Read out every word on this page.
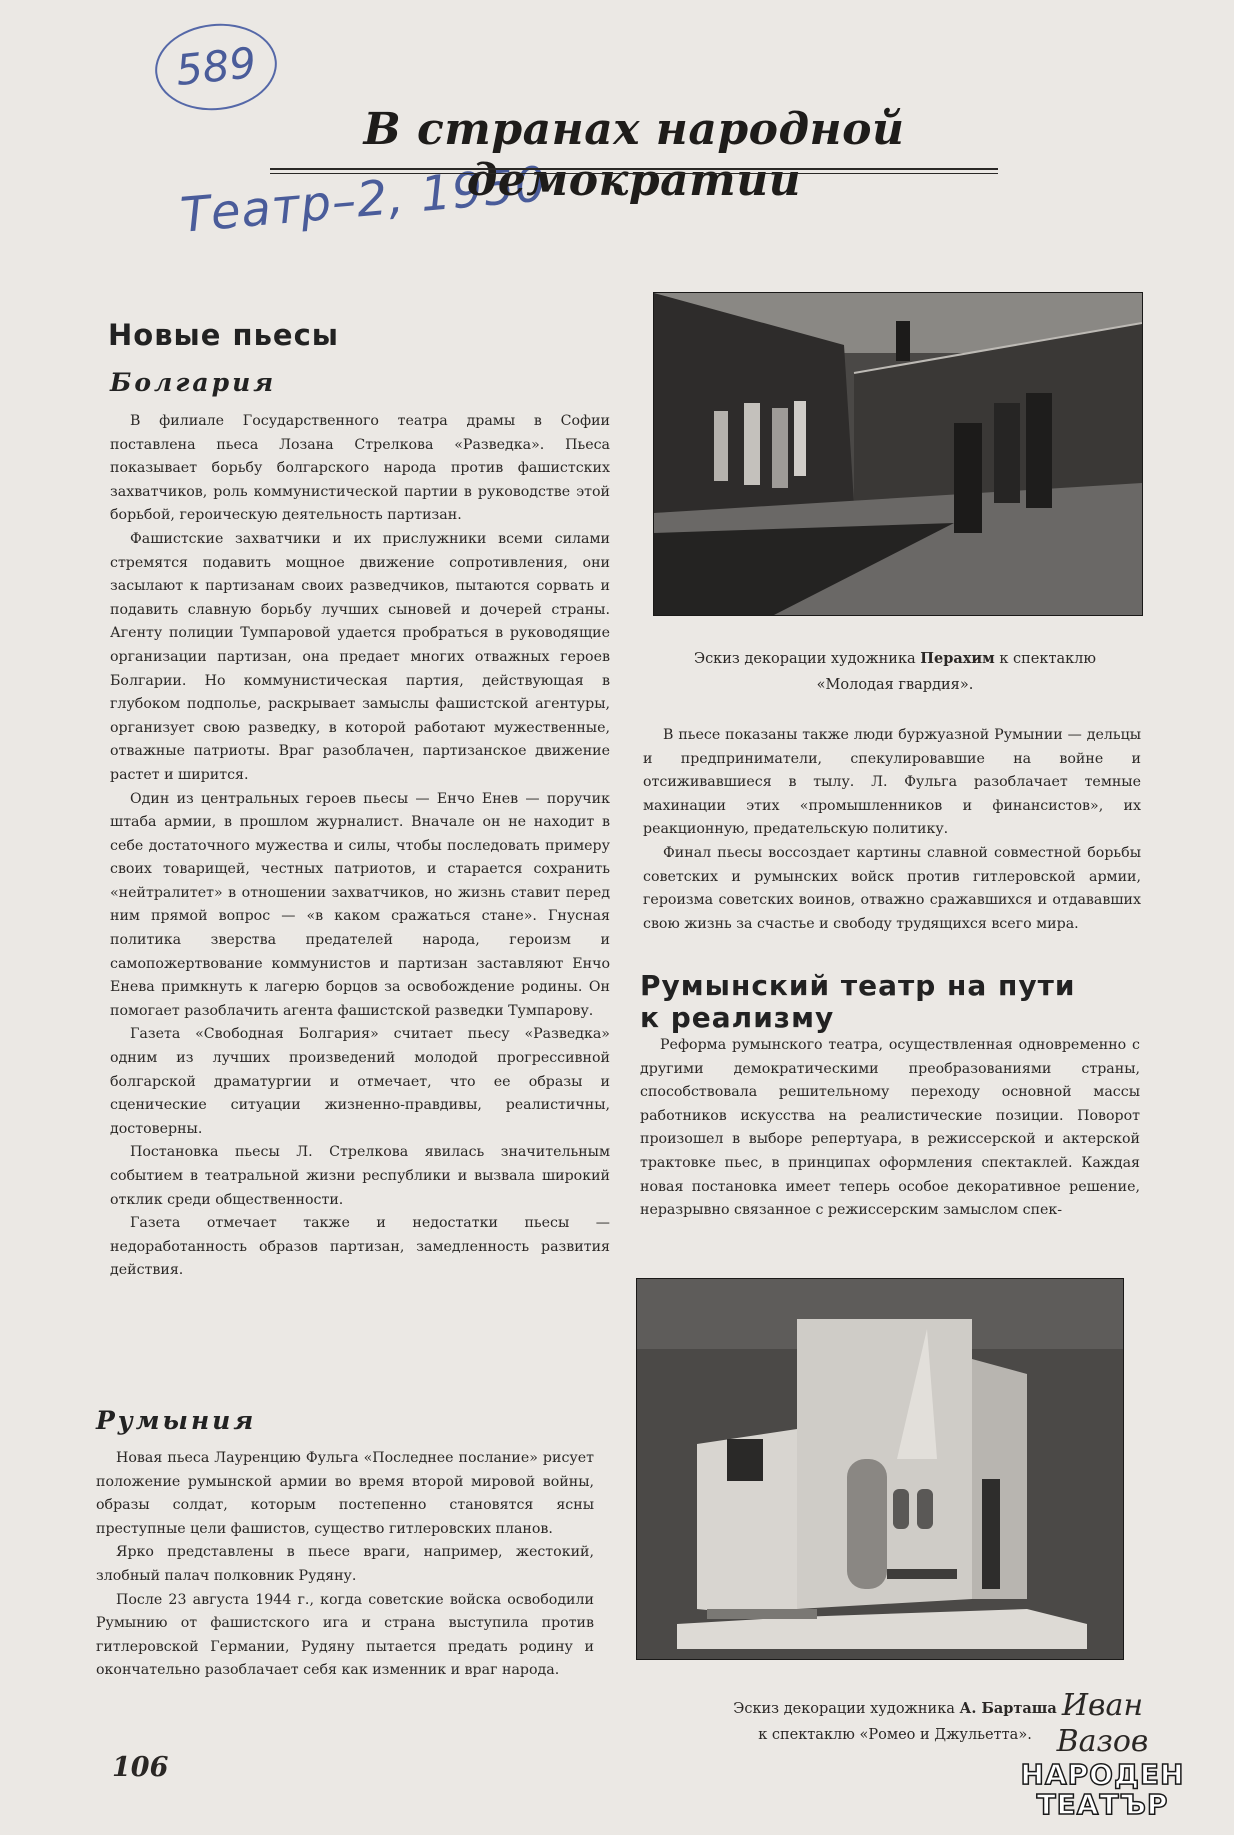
589
Театр–2, 1950
В странах народной демократии
Новые пьесы
Болгария

В филиале Государственного театра драмы в Софии поставлена пьеса Лозана Стрелкова «Разведка». Пьеса показывает борьбу болгарского народа против фашистских захватчиков, роль коммунистической партии в руководстве этой борьбой, героическую деятельность партизан.

Фашистские захватчики и их прислужники всеми силами стремятся подавить мощное движение сопротивления, они засылают к партизанам своих разведчиков, пытаются сорвать и подавить славную борьбу лучших сыновей и дочерей страны. Агенту полиции Тумпаровой удается пробраться в руководящие организации партизан, она предает многих отважных героев Болгарии. Но коммунистическая партия, действующая в глубоком подполье, раскрывает замыслы фашистской агентуры, организует свою разведку, в которой работают мужественные, отважные патриоты. Враг разоблачен, партизанское движение растет и ширится.

Один из центральных героев пьесы — Енчо Енев — поручик штаба армии, в прошлом журналист. Вначале он не находит в себе достаточного мужества и силы, чтобы последовать примеру своих товарищей, честных патриотов, и старается сохранить «нейтралитет» в отношении захватчиков, но жизнь ставит перед ним прямой вопрос — «в каком сражаться стане». Гнусная политика зверства предателей народа, героизм и самопожертвование коммунистов и партизан заставляют Енчо Енева примкнуть к лагерю борцов за освобождение родины. Он помогает разоблачить агента фашистской разведки Тумпарову.

Газета «Свободная Болгария» считает пьесу «Разведка» одним из лучших произведений молодой прогрессивной болгарской драматургии и отмечает, что ее образы и сценические ситуации жизненно-правдивы, реалистичны, достоверны.

Постановка пьесы Л. Стрелкова явилась значительным событием в театральной жизни республики и вызвала широкий отклик среди общественности.

Газета отмечает также и недостатки пьесы — недоработанность образов партизан, замедленность развития действия.

Румыния

Новая пьеса Лауренцию Фульга «Последнее послание» рисует положение румынской армии во время второй мировой войны, образы солдат, которым постепенно становятся ясны преступные цели фашистов, существо гитлеровских планов.

Ярко представлены в пьесе враги, например, жестокий, злобный палач полковник Рудяну.

После 23 августа 1944 г., когда советские войска освободили Румынию от фашистского ига и страна выступила против гитлеровской Германии, Рудяну пытается предать родину и окончательно разоблачает себя как изменник и враг народа.

106
Эскиз декорации художника Перахим к спектаклю «Молодая гвардия».

В пьесе показаны также люди буржуазной Румынии — дельцы и предприниматели, спекулировавшие на войне и отсиживавшиеся в тылу. Л. Фульга разоблачает темные махинации этих «промышленников и финансистов», их реакционную, предательскую политику.

Финал пьесы воссоздает картины славной совместной борьбы советских и румынских войск против гитлеровской армии, героизма советских воинов, отважно сражавшихся и отдававших свою жизнь за счастье и свободу трудящихся всего мира.

Румынский театр на пути
к реализму

Реформа румынского театра, осуществленная одновременно с другими демократическими преобразованиями страны, способствовала решительному переходу основной массы работников искусства на реалистические позиции. Поворот произошел в выборе репертуара, в режиссерской и актерской трактовке пьес, в принципах оформления спектаклей. Каждая новая постановка имеет теперь особое декоративное решение, неразрывно связанное с режиссерским замыслом спек-

Эскиз декорации художника А. Барташа
к спектаклю «Ромео и Джульетта».
Иван Вазов
НАРОДЕН
ТЕАТЪР
